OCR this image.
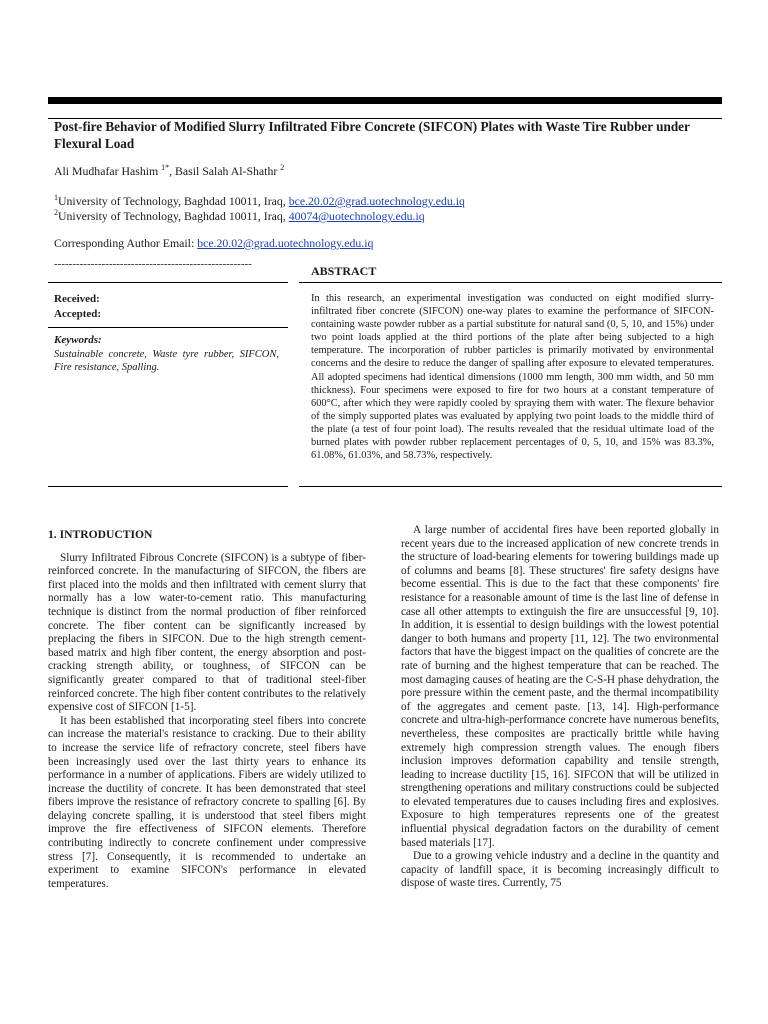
Post-fire Behavior of Modified Slurry Infiltrated Fibre Concrete (SIFCON) Plates with Waste Tire Rubber under Flexural Load
Ali Mudhafar Hashim $^{1*}$, Basil Salah Al-Shathr $^2$
$^1$University of Technology, Baghdad 10011, Iraq, bce.20.02@grad.uotechnology.edu.iq
$^2$University of Technology, Baghdad 10011, Iraq, 40074@uotechnology.edu.iq
Corresponding Author Email: bce.20.02@grad.uotechnology.edu.iq
------------------------------------------------------	ABSTRACT
Received:
Accepted:
Keywords:
Sustainable concrete, Waste tyre rubber, SIFCON, Fire resistance, Spalling.
In this research, an experimental investigation was conducted on eight modified slurry-infiltrated fiber concrete (SIFCON) one-way plates to examine the performance of SIFCON-containing waste powder rubber as a partial substitute for natural sand (0, 5, 10, and 15%) under two point loads applied at the third portions of the plate after being subjected to a high temperature. The incorporation of rubber particles is primarily motivated by environmental concerns and the desire to reduce the danger of spalling after exposure to elevated temperatures. All adopted specimens had identical dimensions (1000 mm length, 300 mm width, and 50 mm thickness). Four specimens were exposed to fire for two hours at a constant temperature of 600°C, after which they were rapidly cooled by spraying them with water. The flexure behavior of the simply supported plates was evaluated by applying two point loads to the middle third of the plate (a test of four point load). The results revealed that the residual ultimate load of the burned plates with powder rubber replacement percentages of 0, 5, 10, and 15% was 83.3%, 61.08%, 61.03%, and 58.73%, respectively.
1. INTRODUCTION

Slurry Infiltrated Fibrous Concrete (SIFCON) is a subtype of fiber-reinforced concrete. In the manufacturing of SIFCON, the fibers are first placed into the molds and then infiltrated with cement slurry that normally has a low water-to-cement ratio. This manufacturing technique is distinct from the normal production of fiber reinforced concrete. The fiber content can be significantly increased by preplacing the fibers in SIFCON. Due to the high strength cement-based matrix and high fiber content, the energy absorption and post-cracking strength ability, or toughness, of SIFCON can be significantly greater compared to that of traditional steel-fiber reinforced concrete. The high fiber content contributes to the relatively expensive cost of SIFCON [1-5].

It has been established that incorporating steel fibers into concrete can increase the material's resistance to cracking. Due to their ability to increase the service life of refractory concrete, steel fibers have been increasingly used over the last thirty years to enhance its performance in a number of applications. Fibers are widely utilized to increase the ductility of concrete. It has been demonstrated that steel fibers improve the resistance of refractory concrete to spalling [6]. By delaying concrete spalling, it is understood that steel fibers might improve the fire effectiveness of SIFCON elements. Therefore contributing indirectly to concrete confinement under compressive stress [7]. Consequently, it is recommended to undertake an experiment to examine SIFCON's performance in elevated temperatures.

A large number of accidental fires have been reported globally in recent years due to the increased application of new concrete trends in the structure of load-bearing elements for towering buildings made up of columns and beams [8]. These structures' fire safety designs have become essential. This is due to the fact that these components' fire resistance for a reasonable amount of time is the last line of defense in case all other attempts to extinguish the fire are unsuccessful [9, 10]. In addition, it is essential to design buildings with the lowest potential danger to both humans and property [11, 12]. The two environmental factors that have the biggest impact on the qualities of concrete are the rate of burning and the highest temperature that can be reached. The most damaging causes of heating are the C-S-H phase dehydration, the pore pressure within the cement paste, and the thermal incompatibility of the aggregates and cement paste. [13, 14]. High-performance concrete and ultra-high-performance concrete have numerous benefits, nevertheless, these composites are practically brittle while having extremely high compression strength values. The enough fibers inclusion improves deformation capability and tensile strength, leading to increase ductility [15, 16]. SIFCON that will be utilized in strengthening operations and military constructions could be subjected to elevated temperatures due to causes including fires and explosives. Exposure to high temperatures represents one of the greatest influential physical degradation factors on the durability of cement based materials [17].

Due to a growing vehicle industry and a decline in the quantity and capacity of landfill space, it is becoming increasingly difficult to dispose of waste tires. Currently, 75
